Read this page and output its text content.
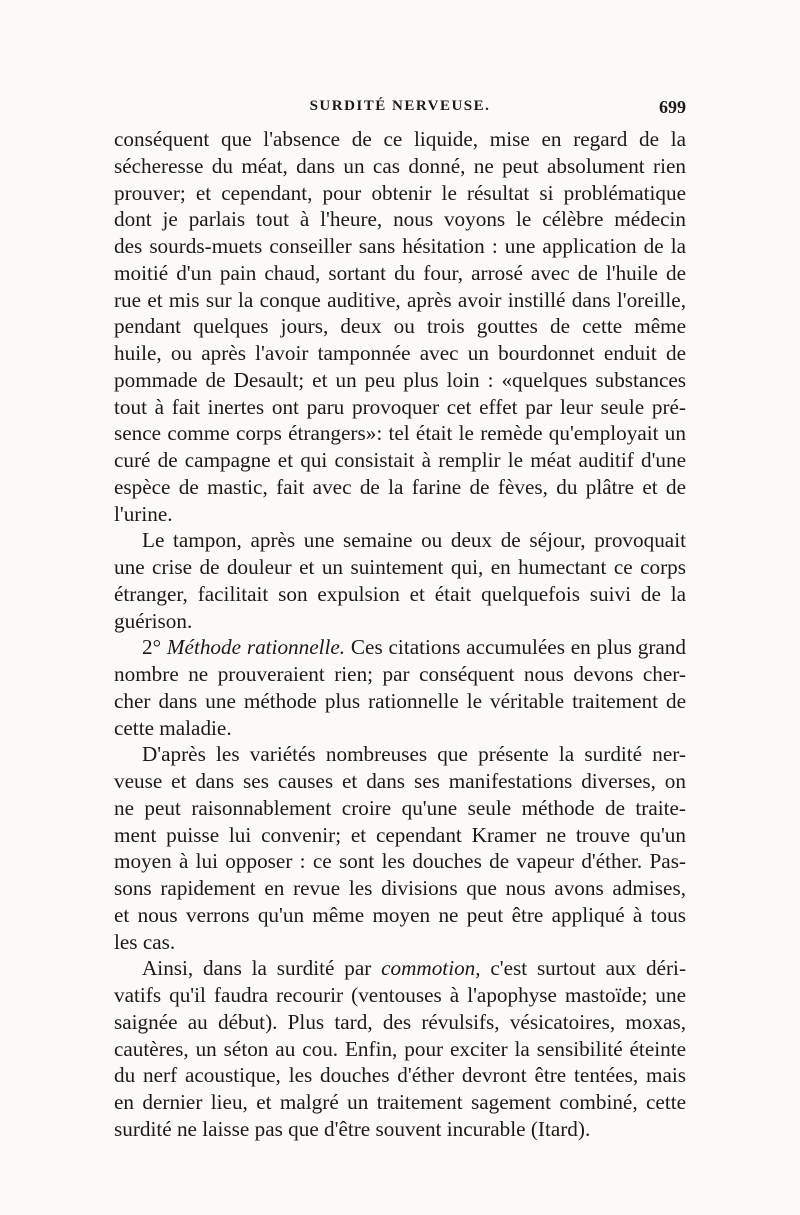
SURDITÉ NERVEUSE.	699
conséquent que l'absence de ce liquide, mise en regard de la
sécheresse du méat, dans un cas donné, ne peut absolument rien
prouver; et cependant, pour obtenir le résultat si problématique
dont je parlais tout à l'heure, nous voyons le célèbre médecin
des sourds-muets conseiller sans hésitation : une application de la
moitié d'un pain chaud, sortant du four, arrosé avec de l'huile de
rue et mis sur la conque auditive, après avoir instillé dans l'oreille,
pendant quelques jours, deux ou trois gouttes de cette même
huile, ou après l'avoir tamponnée avec un bourdonnet enduit de
pommade de Desault; et un peu plus loin : «quelques substances
tout à fait inertes ont paru provoquer cet effet par leur seule pré-
sence comme corps étrangers»: tel était le remède qu'employait un
curé de campagne et qui consistait à remplir le méat auditif d'une
espèce de mastic, fait avec de la farine de fèves, du plâtre et de
l'urine.
Le tampon, après une semaine ou deux de séjour, provoquait
une crise de douleur et un suintement qui, en humectant ce corps
étranger, facilitait son expulsion et était quelquefois suivi de la
guérison.
2° Méthode rationnelle. Ces citations accumulées en plus grand
nombre ne prouveraient rien; par conséquent nous devons cher-
cher dans une méthode plus rationnelle le véritable traitement de
cette maladie.
D'après les variétés nombreuses que présente la surdité ner-
veuse et dans ses causes et dans ses manifestations diverses, on
ne peut raisonnablement croire qu'une seule méthode de traite-
ment puisse lui convenir; et cependant Kramer ne trouve qu'un
moyen à lui opposer : ce sont les douches de vapeur d'éther. Pas-
sons rapidement en revue les divisions que nous avons admises,
et nous verrons qu'un même moyen ne peut être appliqué à tous
les cas.
Ainsi, dans la surdité par commotion, c'est surtout aux déri-
vatifs qu'il faudra recourir (ventouses à l'apophyse mastoïde; une
saignée au début). Plus tard, des révulsifs, vésicatoires, moxas,
cautères, un séton au cou. Enfin, pour exciter la sensibilité éteinte
du nerf acoustique, les douches d'éther devront être tentées, mais
en dernier lieu, et malgré un traitement sagement combiné, cette
surdité ne laisse pas que d'être souvent incurable (Itard).
